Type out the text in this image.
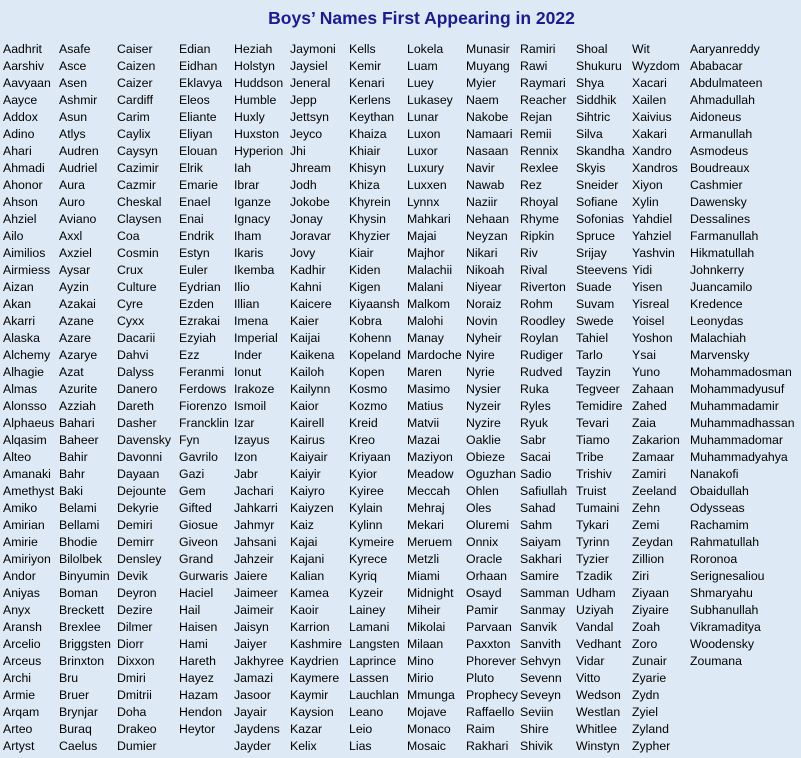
Boys’ Names First Appearing in 2022
Aadhrit
Aarshiv
Aavyaan
Aayce
Addox
Adino
Ahari
Ahmadi
Ahonor
Ahson
Ahziel
Ailo
Aimilios
Airmiess
Aizan
Akan
Akarri
Alaska
Alchemy
Alhagie
Almas
Alonsso
Alphaeus
Alqasim
Alteo
Amanaki
Amethyst
Amiko
Amirian
Amirie
Amiriyon
Andor
Aniyas
Anyx
Aransh
Arcelio
Arceus
Archi
Armie
Arqam
Arteo
Artyst
Asafe
Asce
Asen
Ashmir
Asun
Atlys
Audren
Audriel
Aura
Auro
Aviano
Axxl
Axziel
Aysar
Ayzin
Azakai
Azane
Azare
Azarye
Azat
Azurite
Azziah
Bahari
Baheer
Bahir
Bahr
Baki
Belami
Bellami
Bhodie
Bilolbek
Binyumin
Boman
Breckett
Brexlee
Briggsten
Brinxton
Bru
Bruer
Brynjar
Buraq
Caelus
Caiser
Caizen
Caizer
Cardiff
Carim
Caylix
Caysyn
Cazimir
Cazmir
Cheskal
Claysen
Coa
Cosmin
Crux
Culture
Cyre
Cyxx
Dacarii
Dahvi
Dalyss
Danero
Dareth
Dasher
Davensky
Davonni
Dayaan
Dejounte
Dekyrie
Demiri
Demirr
Densley
Devik
Deyron
Dezire
Dilmer
Diorr
Dixxon
Dmiri
Dmitrii
Doha
Drakeo
Dumier
Edian
Eidhan
Eklavya
Eleos
Eliante
Eliyan
Elouan
Elrik
Emarie
Enael
Enai
Endrik
Estyn
Euler
Eydrian
Ezden
Ezrakai
Ezyiah
Ezz
Feranmi
Ferdows
Fiorenzo
Francklin
Fyn
Gavrilo
Gazi
Gem
Gifted
Giosue
Giveon
Grand
Gurwaris
Haciel
Hail
Haisen
Hami
Hareth
Hayez
Hazam
Hendon
Heytor
Heziah
Holstyn
Huddson
Humble
Huxly
Huxston
Hyperion
Iah
Ibrar
Iganze
Ignacy
Iham
Ikaris
Ikemba
Ilio
Illian
Imena
Imperial
Inder
Ionut
Irakoze
Ismoil
Izar
Izayus
Izon
Jabr
Jachari
Jahkarri
Jahmyr
Jahsani
Jahzeir
Jaiere
Jaimeer
Jaimeir
Jaisyn
Jaiyer
Jakhyree
Jamazi
Jasoor
Jayair
Jaydens
Jayder
Jaymoni
Jaysiel
Jeneral
Jepp
Jettsyn
Jeyco
Jhi
Jhream
Jodh
Jokobe
Jonay
Joravar
Jovy
Kadhir
Kahni
Kaicere
Kaier
Kaijai
Kaikena
Kailoh
Kailynn
Kaior
Kairell
Kairus
Kaiyair
Kaiyir
Kaiyro
Kaiyzen
Kaiz
Kajai
Kajani
Kalian
Kamea
Kaoir
Karrion
Kashmire
Kaydrien
Kaymere
Kaymir
Kaysion
Kazar
Kelix
Kells
Kemir
Kenari
Kerlens
Keythan
Khaiza
Khiair
Khisyn
Khiza
Khyrein
Khysin
Khyzier
Kiair
Kiden
Kigen
Kiyaansh
Kobra
Kohenn
Kopeland
Kopen
Kosmo
Kozmo
Kreid
Kreo
Kriyaan
Kyior
Kyiree
Kylain
Kylinn
Kymeire
Kyrece
Kyriq
Kyzeir
Lainey
Lamani
Langsten
Laprince
Lassen
Lauchlan
Leano
Leio
Lias
Lokela
Luam
Luey
Lukasey
Lunar
Luxon
Luxor
Luxury
Luxxen
Lynnx
Mahkari
Majai
Majhor
Malachii
Malani
Malkom
Malohi
Manay
Mardoche
Maren
Masimo
Matius
Matvii
Mazai
Maziyon
Meadow
Meccah
Mehraj
Mekari
Meruem
Metzli
Miami
Midnight
Miheir
Mikolai
Milaan
Mino
Mirio
Mmunga
Mojave
Monaco
Mosaic
Munasir
Muyang
Myier
Naem
Nakobe
Namaari
Nasaan
Navir
Nawab
Naziir
Nehaan
Neyzan
Nikari
Nikoah
Niyear
Noraiz
Novin
Nyheir
Nyire
Nyrie
Nysier
Nyzeir
Nyzire
Oaklie
Obieze
Oguzhan
Ohlen
Oles
Oluremi
Onnix
Oracle
Orhaan
Osayd
Pamir
Parvaan
Paxxton
Phorever
Pluto
Prophecy
Raffaello
Raim
Rakhari
Ramiri
Rawi
Raymari
Reacher
Rejan
Remii
Rennix
Rexlee
Rez
Rhoyal
Rhyme
Ripkin
Riv
Rival
Riverton
Rohm
Roodley
Roylan
Rudiger
Rudved
Ruka
Ryles
Ryuk
Sabr
Sacai
Sadio
Safiullah
Sahad
Sahm
Saiyam
Sakhari
Samire
Samman
Sanmay
Sanvik
Sanvith
Sehvyn
Sevenn
Seveyn
Seviin
Shire
Shivik
Shoal
Shukuru
Shya
Siddhik
Sihtric
Silva
Skandha
Skyis
Sneider
Sofiane
Sofonias
Spruce
Srijay
Steevens
Suade
Suvam
Swede
Tahiel
Tarlo
Tayzin
Tegveer
Temidire
Tevari
Tiamo
Tribe
Trishiv
Truist
Tumaini
Tykari
Tyrinn
Tyzier
Tzadik
Udham
Uziyah
Vandal
Vedhant
Vidar
Vitto
Wedson
Westlan
Whitlee
Winstyn
Wit
Wyzdom
Xacari
Xailen
Xaivius
Xakari
Xandro
Xandros
Xiyon
Xylin
Yahdiel
Yahziel
Yashvin
Yidi
Yisen
Yisreal
Yoisel
Yoshon
Ysai
Yuno
Zahaan
Zahed
Zaia
Zakarion
Zamaar
Zamiri
Zeeland
Zehn
Zemi
Zeydan
Zillion
Ziri
Ziyaan
Ziyaire
Zoah
Zoro
Zunair
Zyarie
Zydn
Zyiel
Zyland
Zypher
Aaryanreddy
Ababacar
Abdulmateen
Ahmadullah
Aidoneus
Armanullah
Asmodeus
Boudreaux
Cashmier
Dawensky
Dessalines
Farmanullah
Hikmatullah
Johnkerry
Juancamilo
Kredence
Leonydas
Malachiah
Marvensky
Mohammadosman
Mohammadyusuf
Muhammadamir
Muhammadhassan
Muhammadomar
Muhammadyahya
Nanakofi
Obaidullah
Odysseas
Rachamim
Rahmatullah
Roronoa
Serignesaliou
Shmaryahu
Subhanullah
Vikramaditya
Woodensky
Zoumana
